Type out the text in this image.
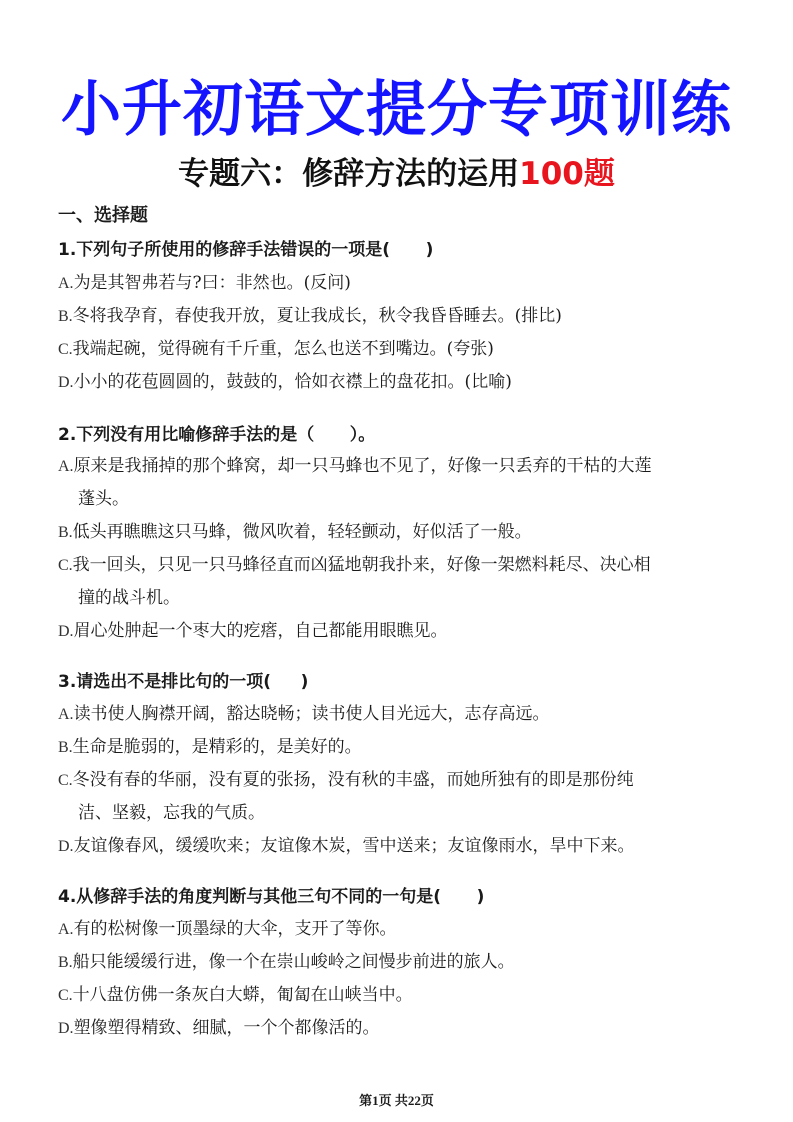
小升初语文提分专项训练
专题六：修辞方法的运用100题
一、选择题
1.下列句子所使用的修辞手法错误的一项是(      )
A.为是其智弗若与?曰：非然也。(反问)
B.冬将我孕育，春使我开放，夏让我成长，秋令我昏昏睡去。(排比)
C.我端起碗，觉得碗有千斤重，怎么也送不到嘴边。(夸张)
D.小小的花苞圆圆的，鼓鼓的，恰如衣襟上的盘花扣。(比喻)
2.下列没有用比喻修辞手法的是（      ）。
A.原来是我捅掉的那个蜂窝，却一只马蜂也不见了，好像一只丢弃的干枯的大莲
蓬头。
B.低头再瞧瞧这只马蜂，微风吹着，轻轻颤动，好似活了一般。
C.我一回头，只见一只马蜂径直而凶猛地朝我扑来，好像一架燃料耗尽、决心相
撞的战斗机。
D.眉心处肿起一个枣大的疙瘩，自己都能用眼瞧见。
3.请选出不是排比句的一项(     )
A.读书使人胸襟开阔，豁达晓畅；读书使人目光远大，志存高远。
B.生命是脆弱的，是精彩的，是美好的。
C.冬没有春的华丽，没有夏的张扬，没有秋的丰盛，而她所独有的即是那份纯
洁、坚毅，忘我的气质。
D.友谊像春风，缓缓吹来；友谊像木炭，雪中送来；友谊像雨水，旱中下来。
4.从修辞手法的角度判断与其他三句不同的一句是(      )
A.有的松树像一顶墨绿的大伞，支开了等你。
B.船只能缓缓行进，像一个在崇山峻岭之间慢步前进的旅人。
C.十八盘仿佛一条灰白大蟒，匍匐在山峡当中。
D.塑像塑得精致、细腻，一个个都像活的。
第1页 共22页
